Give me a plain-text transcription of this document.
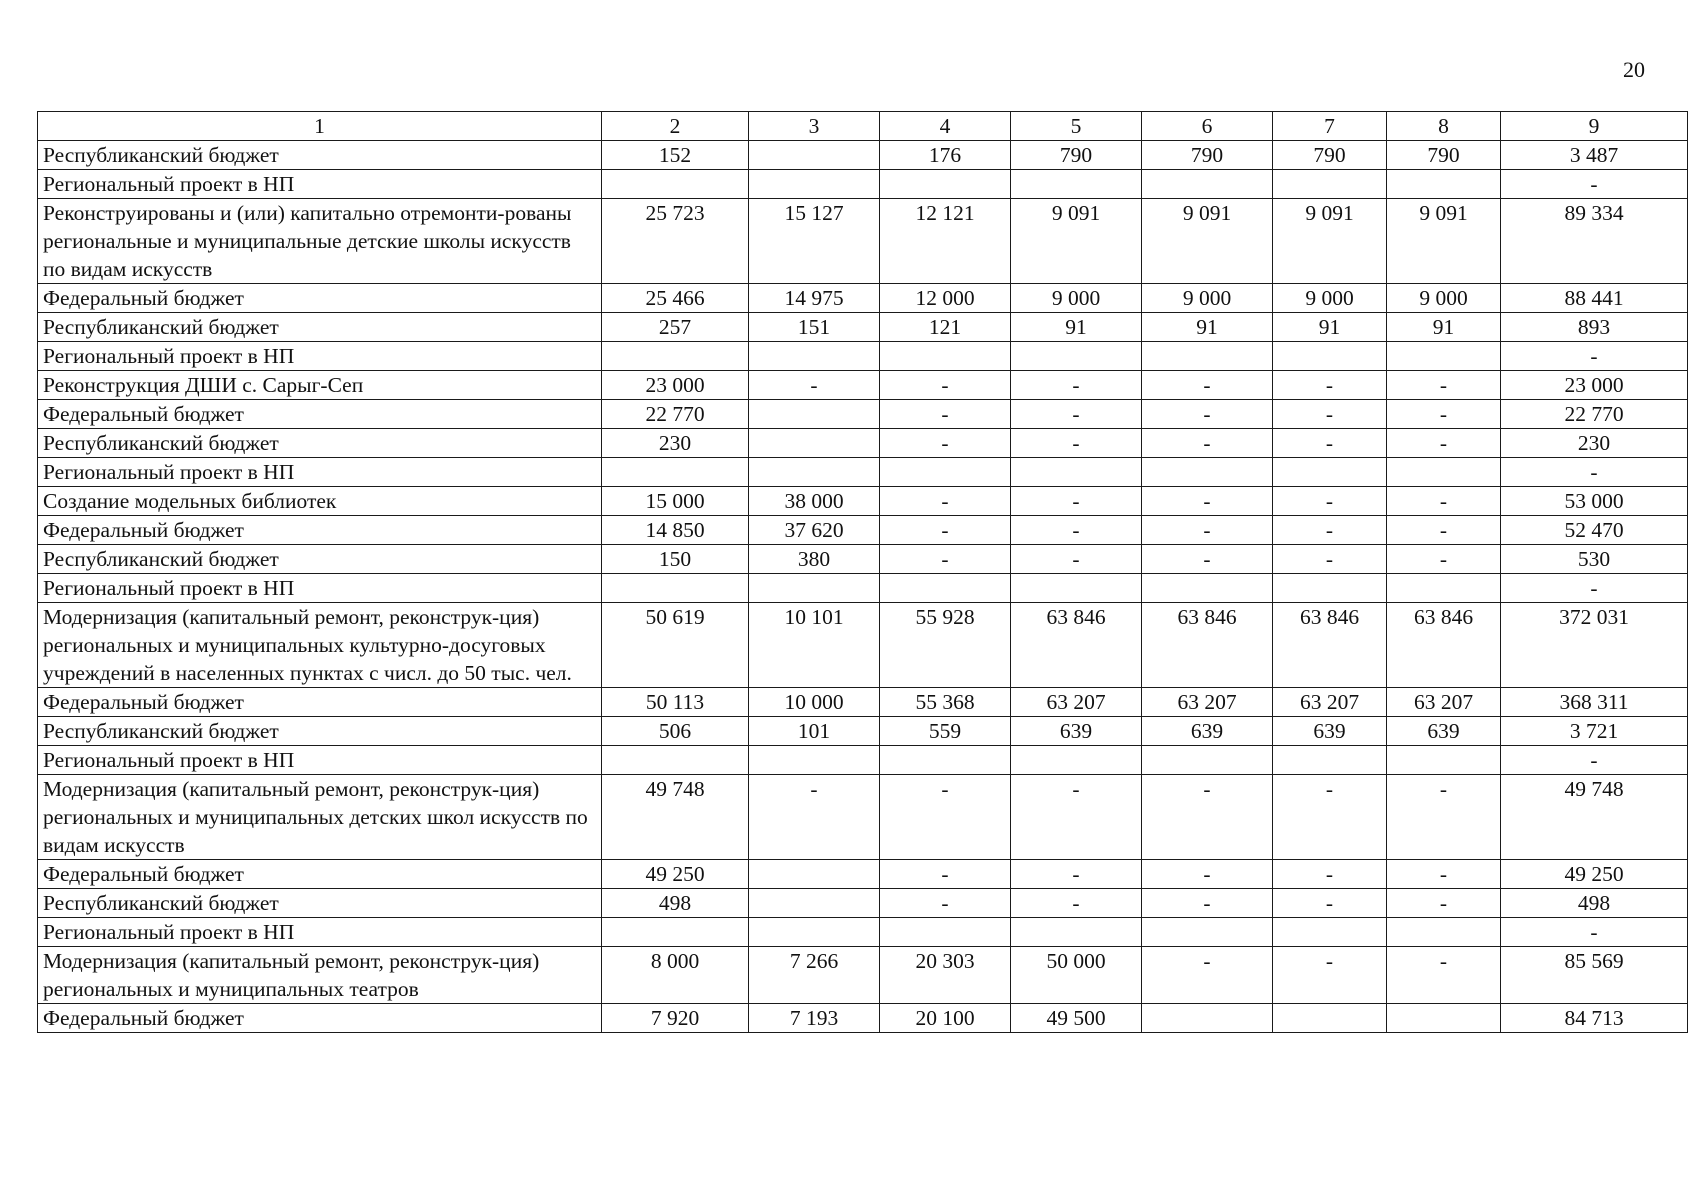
20
1	2	3	4	5	6	7	8	9
Республиканский бюджет	152		176	790	790	790	790	3 487
Региональный проект в НП								-
Реконструированы и (или) капитально отремонти-рованы региональные и муниципальные детские школы искусств по видам искусств	25 723	15 127	12 121	9 091	9 091	9 091	9 091	89 334
Федеральный бюджет	25 466	14 975	12 000	9 000	9 000	9 000	9 000	88 441
Республиканский бюджет	257	151	121	91	91	91	91	893
Региональный проект в НП								-
Реконструкция ДШИ с. Сарыг-Сеп	23 000	-	-	-	-	-	-	23 000
Федеральный бюджет	22 770		-	-	-	-	-	22 770
Республиканский бюджет	230		-	-	-	-	-	230
Региональный проект в НП								-
Создание модельных библиотек	15 000	38 000	-	-	-	-	-	53 000
Федеральный бюджет	14 850	37 620	-	-	-	-	-	52 470
Республиканский бюджет	150	380	-	-	-	-	-	530
Региональный проект в НП								-
Модернизация (капитальный ремонт, реконструк-ция) региональных и муниципальных культурно-досуговых учреждений в населенных пунктах с числ. до 50 тыс. чел.	50 619	10 101	55 928	63 846	63 846	63 846	63 846	372 031
Федеральный бюджет	50 113	10 000	55 368	63 207	63 207	63 207	63 207	368 311
Республиканский бюджет	506	101	559	639	639	639	639	3 721
Региональный проект в НП								-
Модернизация (капитальный ремонт, реконструк-ция) региональных и муниципальных детских школ искусств по видам искусств	49 748	-	-	-	-	-	-	49 748
Федеральный бюджет	49 250		-	-	-	-	-	49 250
Республиканский бюджет	498		-	-	-	-	-	498
Региональный проект в НП								-
Модернизация (капитальный ремонт, реконструк-ция) региональных и муниципальных театров	8 000	7 266	20 303	50 000	-	-	-	85 569
Федеральный бюджет	7 920	7 193	20 100	49 500				84 713
